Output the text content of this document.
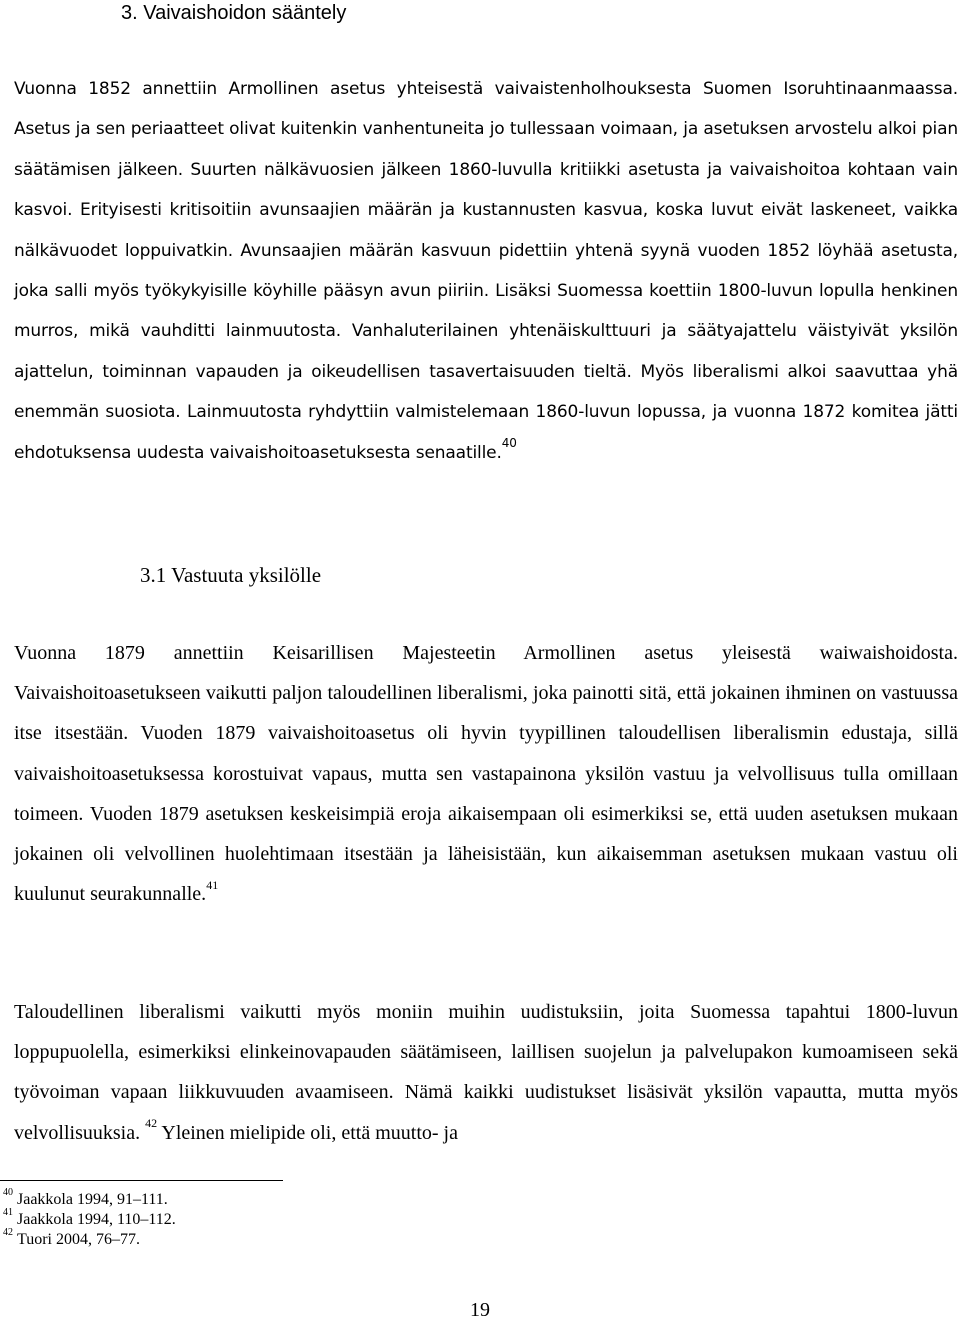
3. Vaivaishoidon sääntely

Vuonna 1852 annettiin Armollinen asetus yhteisestä vaivaistenholhouksesta Suomen Isoruhtinaanmaassa. Asetus ja sen periaatteet olivat kuitenkin vanhentuneita jo tullessaan voimaan, ja asetuksen arvostelu alkoi pian säätämisen jälkeen. Suurten nälkävuosien jälkeen 1860-luvulla kritiikki asetusta ja vaivaishoitoa kohtaan vain kasvoi. Erityisesti kritisoitiin avunsaajien määrän ja kustannusten kasvua, koska luvut eivät laskeneet, vaikka nälkävuodet loppuivatkin. Avunsaajien määrän kasvuun pidettiin yhtenä syynä vuoden 1852 löyhää asetusta, joka salli myös työkykyisille köyhille pääsyn avun piiriin. Lisäksi Suomessa koettiin 1800-luvun lopulla henkinen murros, mikä vauhditti lainmuutosta. Vanhaluterilainen yhtenäiskulttuuri ja säätyajattelu väistyivät yksilön ajattelun, toiminnan vapauden ja oikeudellisen tasavertaisuuden tieltä. Myös liberalismi alkoi saavuttaa yhä enemmän suosiota. Lainmuutosta ryhdyttiin valmistelemaan 1860-luvun lopussa, ja vuonna 1872 komitea jätti ehdotuksensa uudesta vaivaishoitoasetuksesta senaatille.$^{40}$

3.1 Vastuuta yksilölle

Vuonna 1879 annettiin Keisarillisen Majesteetin Armollinen asetus yleisestä waiwaishoidosta. Vaivaishoitoasetukseen vaikutti paljon taloudellinen liberalismi, joka painotti sitä, että jokainen ihminen on vastuussa itse itsestään. Vuoden 1879 vaivaishoitoasetus oli hyvin tyypillinen taloudellisen liberalismin edustaja, sillä vaivaishoitoasetuksessa korostuivat vapaus, mutta sen vastapainona yksilön vastuu ja velvollisuus tulla omillaan toimeen. Vuoden 1879 asetuksen keskeisimpiä eroja aikaisempaan oli esimerkiksi se, että uuden asetuksen mukaan jokainen oli velvollinen huolehtimaan itsestään ja läheisistään, kun aikaisemman asetuksen mukaan vastuu oli kuulunut seurakunnalle.$^{41}$

Taloudellinen liberalismi vaikutti myös moniin muihin uudistuksiin, joita Suomessa tapahtui 1800-luvun loppupuolella, esimerkiksi elinkeinovapauden säätämiseen, laillisen suojelun ja palvelupakon kumoamiseen sekä työvoiman vapaan liikkuvuuden avaamiseen. Nämä kaikki uudistukset lisäsivät yksilön vapautta, mutta myös velvollisuuksia. $^{42}$ Yleinen mielipide oli, että muutto- ja

$^{40}$ Jaakkola 1994, 91–111.
$^{41}$ Jaakkola 1994, 110–112.
$^{42}$ Tuori 2004, 76–77.
19
